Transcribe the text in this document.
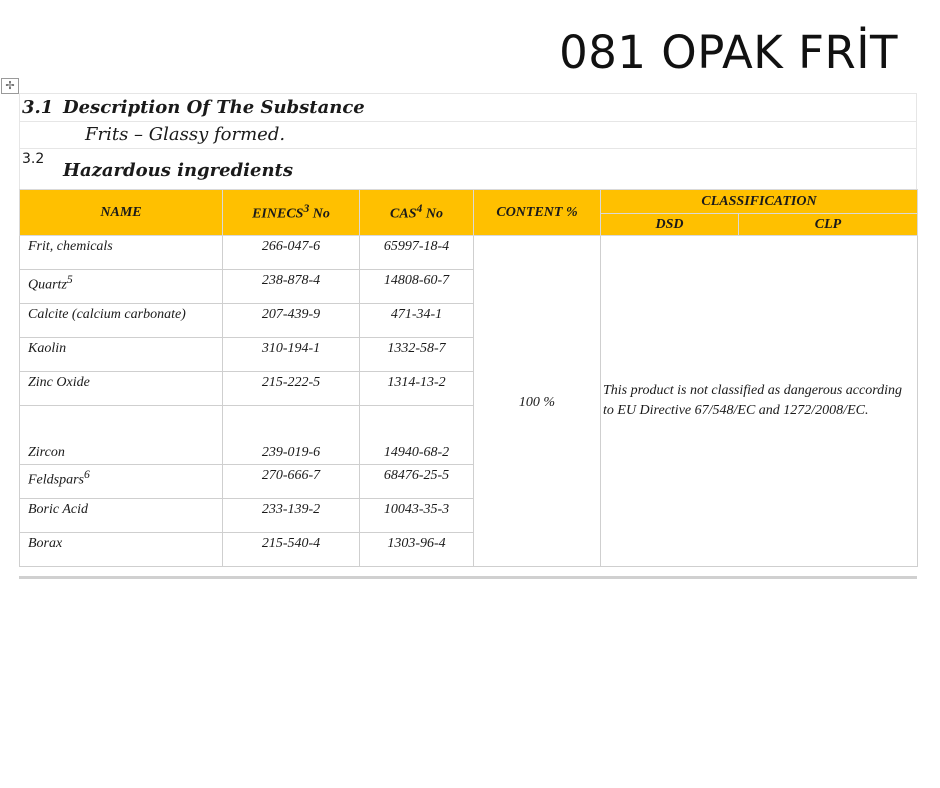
081 OPAK FRİT
✢
3.1 Description Of The Substance
Frits – Glassy formed.
3.2
Hazardous ingredients
NAME	EINECS$^3$ No	CAS$^4$ No	CONTENT %	CLASSIFICATION	
				DSD	CLP
Frit, chemicals	266-047-6	65997-18-4	100 %	This product is not classified as dangerous according to EU Directive 67/548/EC and 1272/2008/EC.	
Quartz$^5$	238-878-4	14808-60-7			
Calcite (calcium carbonate)	207-439-9	471-34-1			
Kaolin	310-194-1	1332-58-7			
Zinc Oxide	215-222-5	1314-13-2			
Zircon	239-019-6	14940-68-2			
Feldspars$^6$	270-666-7	68476-25-5			
Boric Acid	233-139-2	10043-35-3			
Borax	215-540-4	1303-96-4			
